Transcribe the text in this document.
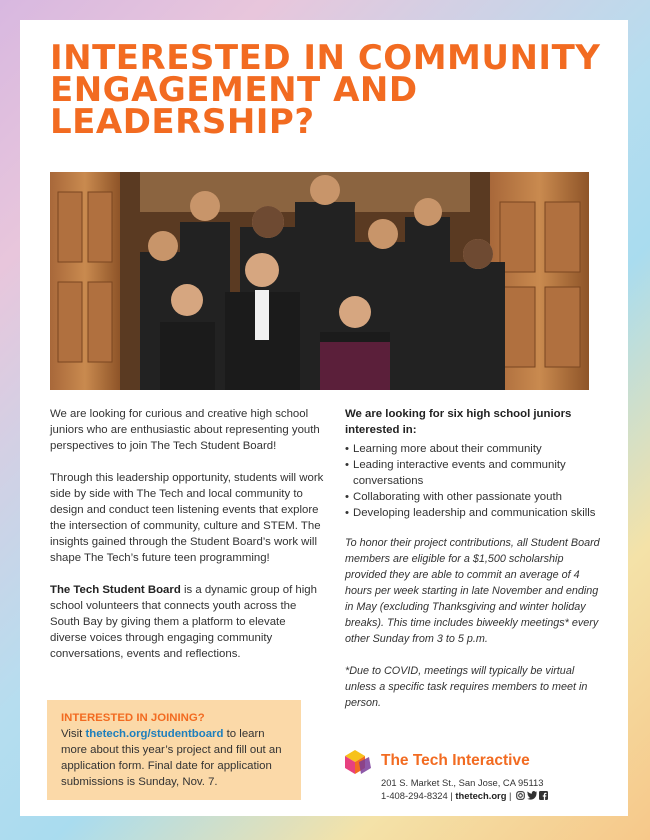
INTERESTED IN COMMUNITY ENGAGEMENT AND LEADERSHIP?

We are looking for curious and creative high school juniors who are enthusiastic about representing youth perspectives to join The Tech Student Board!

Through this leadership opportunity, students will work side by side with The Tech and local community to design and conduct teen listening events that explore the intersection of community, culture and STEM. The insights gained through the Student Board’s work will shape The Tech’s future teen programming!

The Tech Student Board is a dynamic group of high school volunteers that connects youth across the South Bay by giving them a platform to elevate diverse voices through engaging community conversations, events and reflections.

We are looking for six high school juniors interested in:
• Learning more about their community
• Leading interactive events and community conversations
• Collaborating with other passionate youth
• Developing leadership and communication skills

To honor their project contributions, all Student Board members are eligible for a $1,500 scholarship provided they are able to commit an average of 4 hours per week starting in late November and ending in May (excluding Thanksgiving and winter holiday breaks). This time includes biweekly meetings* every other Sunday from 3 to 5 p.m.

*Due to COVID, meetings will typically be virtual unless a specific task requires members to meet in person.

INTERESTED IN JOINING?
Visit thetech.org/studentboard to learn more about this year’s project and fill out an application form. Final date for application submissions is Sunday, Nov. 7.
The Tech Interactive
201 S. Market St., San Jose, CA 95113
1-408-294-8324 | thetech.org |
